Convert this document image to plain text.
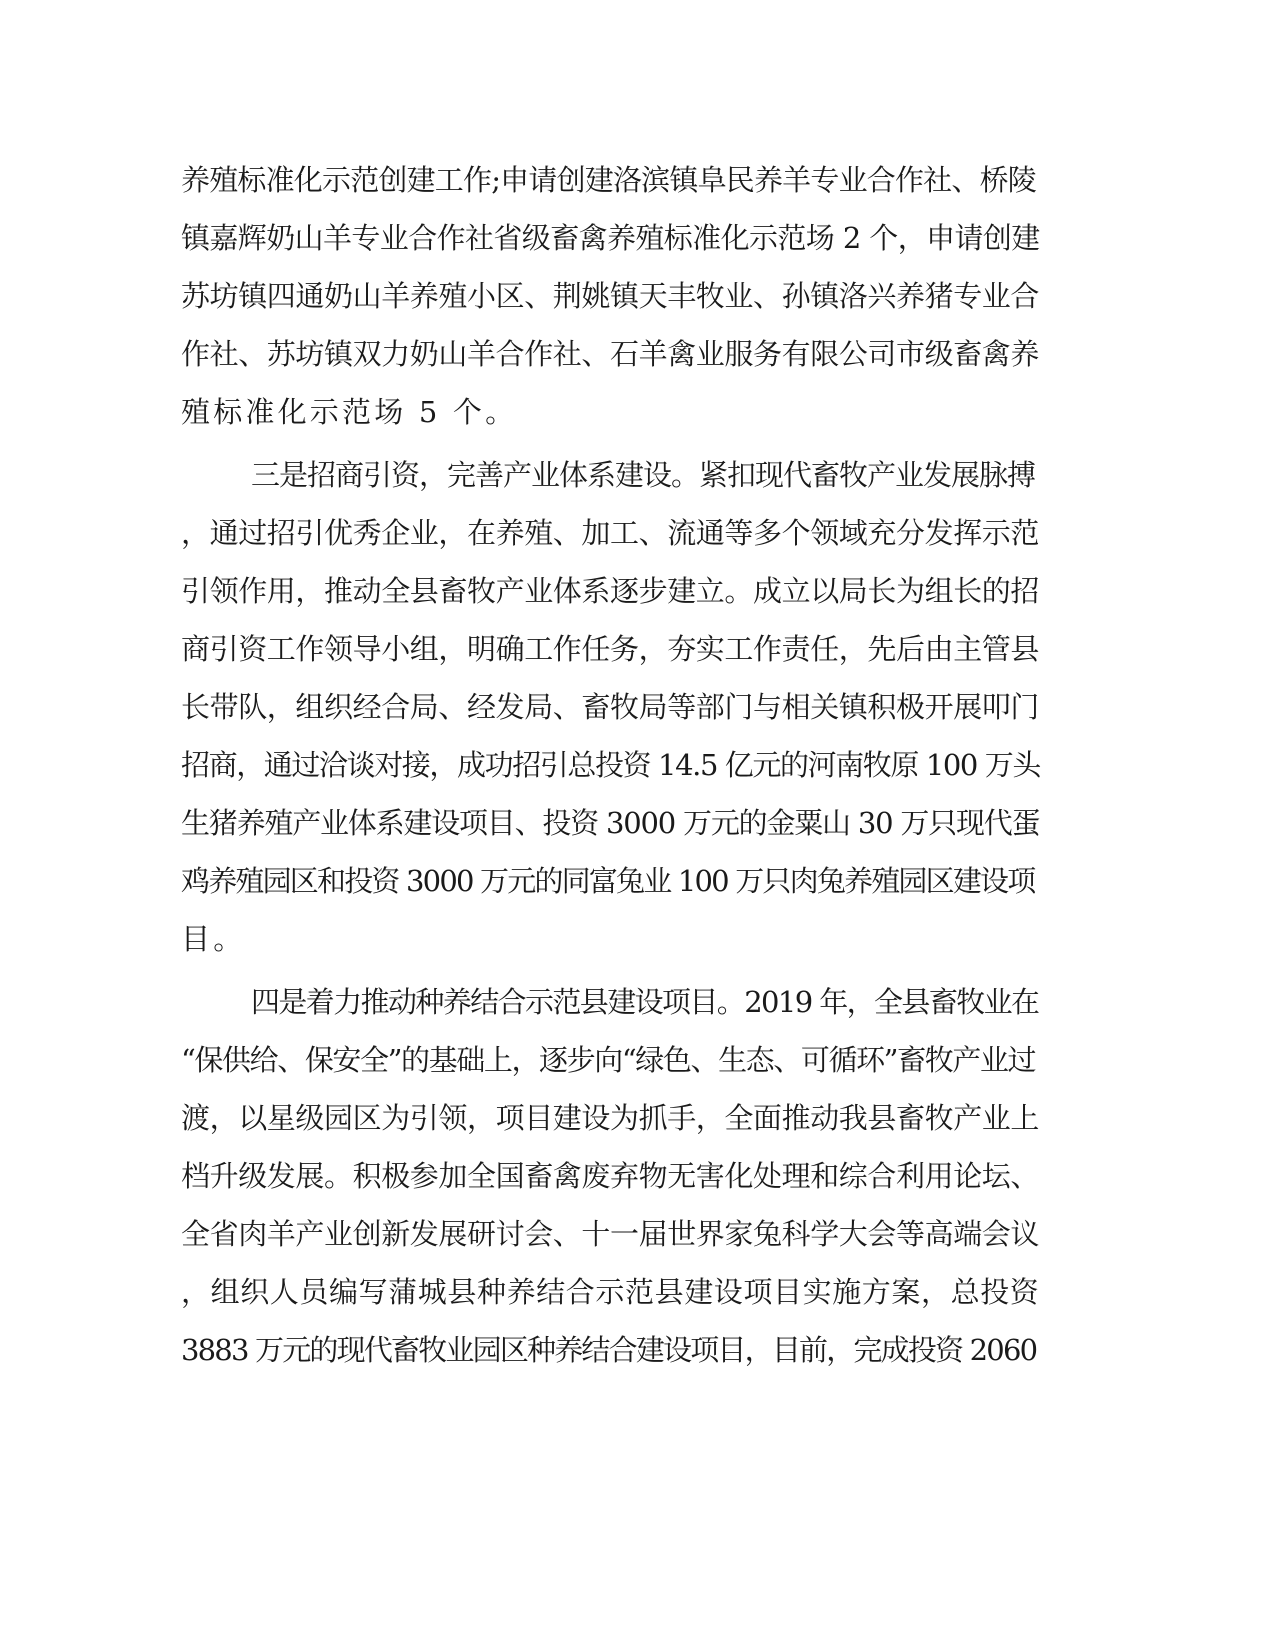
养殖标准化示范创建工作;申请创建洛滨镇阜民养羊专业合作社、桥陵
镇嘉辉奶山羊专业合作社省级畜禽养殖标准化示范场 2 个，申请创建
苏坊镇四通奶山羊养殖小区、荆姚镇天丰牧业、孙镇洛兴养猪专业合
作社、苏坊镇双力奶山羊合作社、石羊禽业服务有限公司市级畜禽养
殖标准化示范场 5 个。
三是招商引资，完善产业体系建设。紧扣现代畜牧产业发展脉搏
，通过招引优秀企业，在养殖、加工、流通等多个领域充分发挥示范
引领作用，推动全县畜牧产业体系逐步建立。成立以局长为组长的招
商引资工作领导小组，明确工作任务，夯实工作责任，先后由主管县
长带队，组织经合局、经发局、畜牧局等部门与相关镇积极开展叩门
招商，通过洽谈对接，成功招引总投资 14.5 亿元的河南牧原 100 万头
生猪养殖产业体系建设项目、投资 3000 万元的金粟山 30 万只现代蛋
鸡养殖园区和投资 3000 万元的同富兔业 100 万只肉兔养殖园区建设项
目。
四是着力推动种养结合示范县建设项目。2019 年，全县畜牧业在
“保供给、保安全”的基础上，逐步向“绿色、生态、可循环”畜牧产业过
渡，以星级园区为引领，项目建设为抓手，全面推动我县畜牧产业上
档升级发展。积极参加全国畜禽废弃物无害化处理和综合利用论坛、
全省肉羊产业创新发展研讨会、十一届世界家兔科学大会等高端会议
，组织人员编写蒲城县种养结合示范县建设项目实施方案，总投资
3883 万元的现代畜牧业园区种养结合建设项目，目前，完成投资 2060
